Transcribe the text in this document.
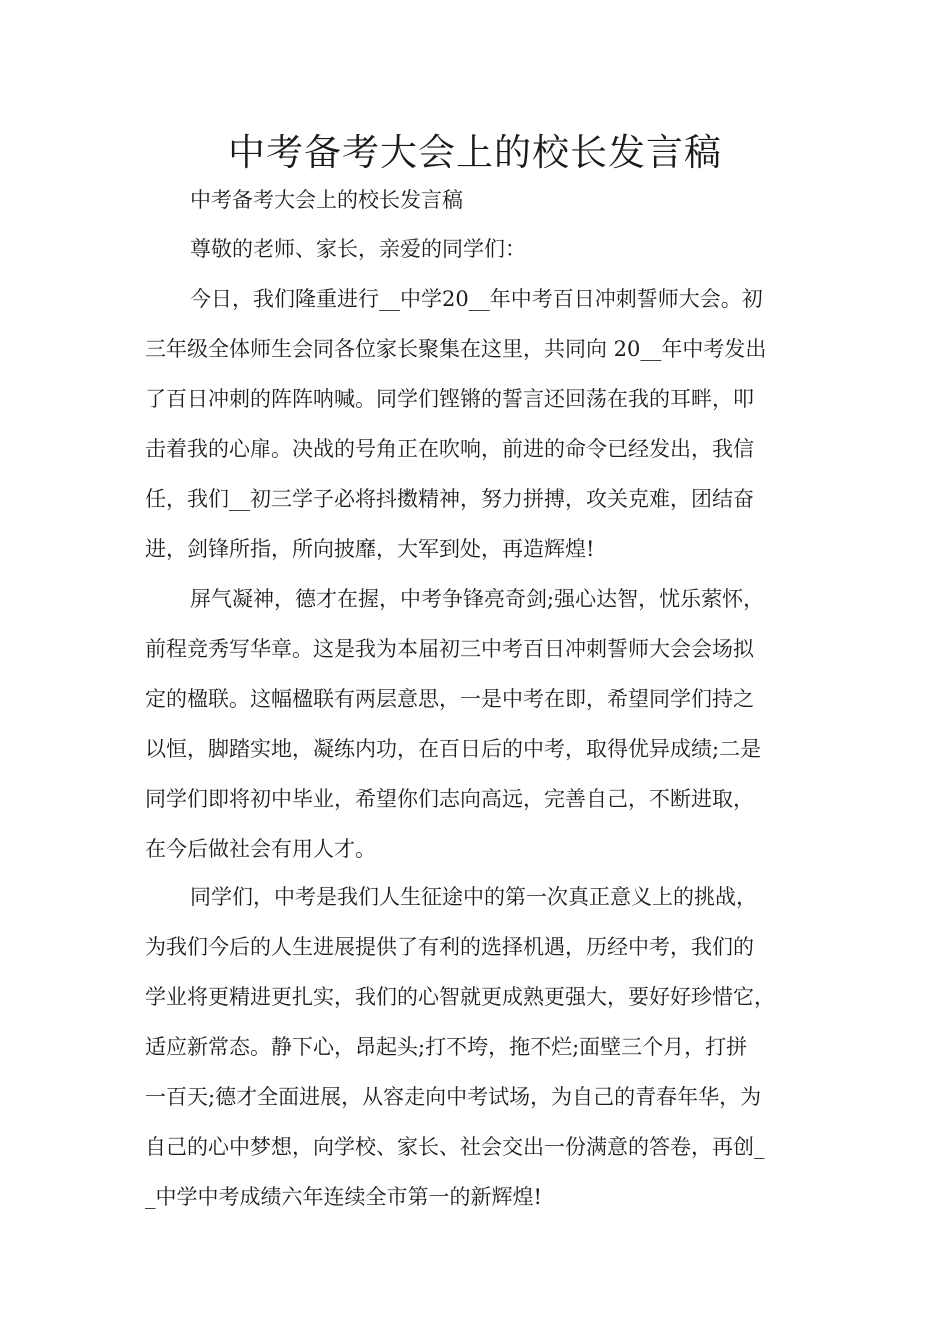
中考备考大会上的校长发言稿

中考备考大会上的校长发言稿

尊敬的老师、家长，亲爱的同学们：

今日，我们隆重进行__中学20__年中考百日冲刺誓师大会。初

三年级全体师生会同各位家长聚集在这里，共同向 20__年中考发出

了百日冲刺的阵阵呐喊。同学们铿锵的誓言还回荡在我的耳畔，叩

击着我的心扉。决战的号角正在吹响，前进的命令已经发出，我信

任，我们__初三学子必将抖擞精神，努力拼搏，攻关克难，团结奋

进，剑锋所指，所向披靡，大军到处，再造辉煌!

屏气凝神，德才在握，中考争锋亮奇剑;强心达智，忧乐萦怀，

前程竞秀写华章。这是我为本届初三中考百日冲刺誓师大会会场拟

定的楹联。这幅楹联有两层意思，一是中考在即，希望同学们持之

以恒，脚踏实地，凝练内功，在百日后的中考，取得优异成绩;二是

同学们即将初中毕业，希望你们志向高远，完善自己，不断进取，

在今后做社会有用人才。

同学们，中考是我们人生征途中的第一次真正意义上的挑战，

为我们今后的人生进展提供了有利的选择机遇，历经中考，我们的

学业将更精进更扎实，我们的心智就更成熟更强大，要好好珍惜它，

适应新常态。静下心，昂起头;打不垮，拖不烂;面壁三个月，打拼

一百天;德才全面进展，从容走向中考试场，为自己的青春年华，为

自己的心中梦想，向学校、家长、社会交出一份满意的答卷，再创_

_中学中考成绩六年连续全市第一的新辉煌!
